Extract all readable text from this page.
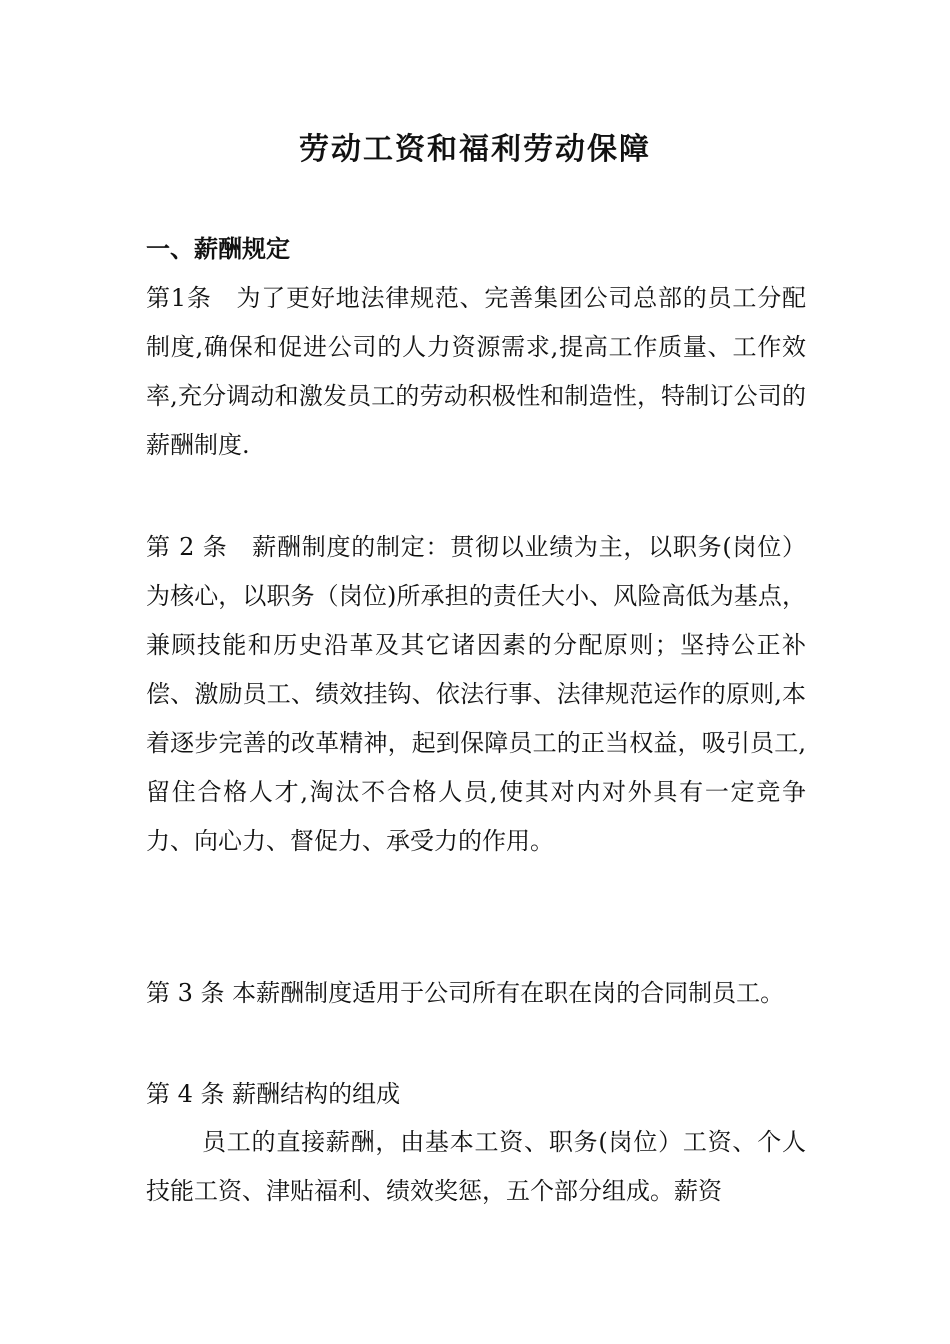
劳动工资和福利劳动保障
一、薪酬规定

第1条　为了更好地法律规范、完善集团公司总部的员工分配制度,确保和促进公司的人力资源需求,提高工作质量、工作效率,充分调动和激发员工的劳动积极性和制造性，特制订公司的薪酬制度.

第 2 条　薪酬制度的制定：贯彻以业绩为主，以职务(岗位）为核心，以职务（岗位)所承担的责任大小、风险高低为基点，兼顾技能和历史沿革及其它诸因素的分配原则；坚持公正补偿、激励员工、绩效挂钩、依法行事、法律规范运作的原则,本着逐步完善的改革精神，起到保障员工的正当权益，吸引员工,留住合格人才,淘汰不合格人员,使其对内对外具有一定竞争力、向心力、督促力、承受力的作用。

第 3 条 本薪酬制度适用于公司所有在职在岗的合同制员工。

第 4 条 薪酬结构的组成

员工的直接薪酬，由基本工资、职务(岗位）工资、个人技能工资、津贴福利、绩效奖惩，五个部分组成。薪资
